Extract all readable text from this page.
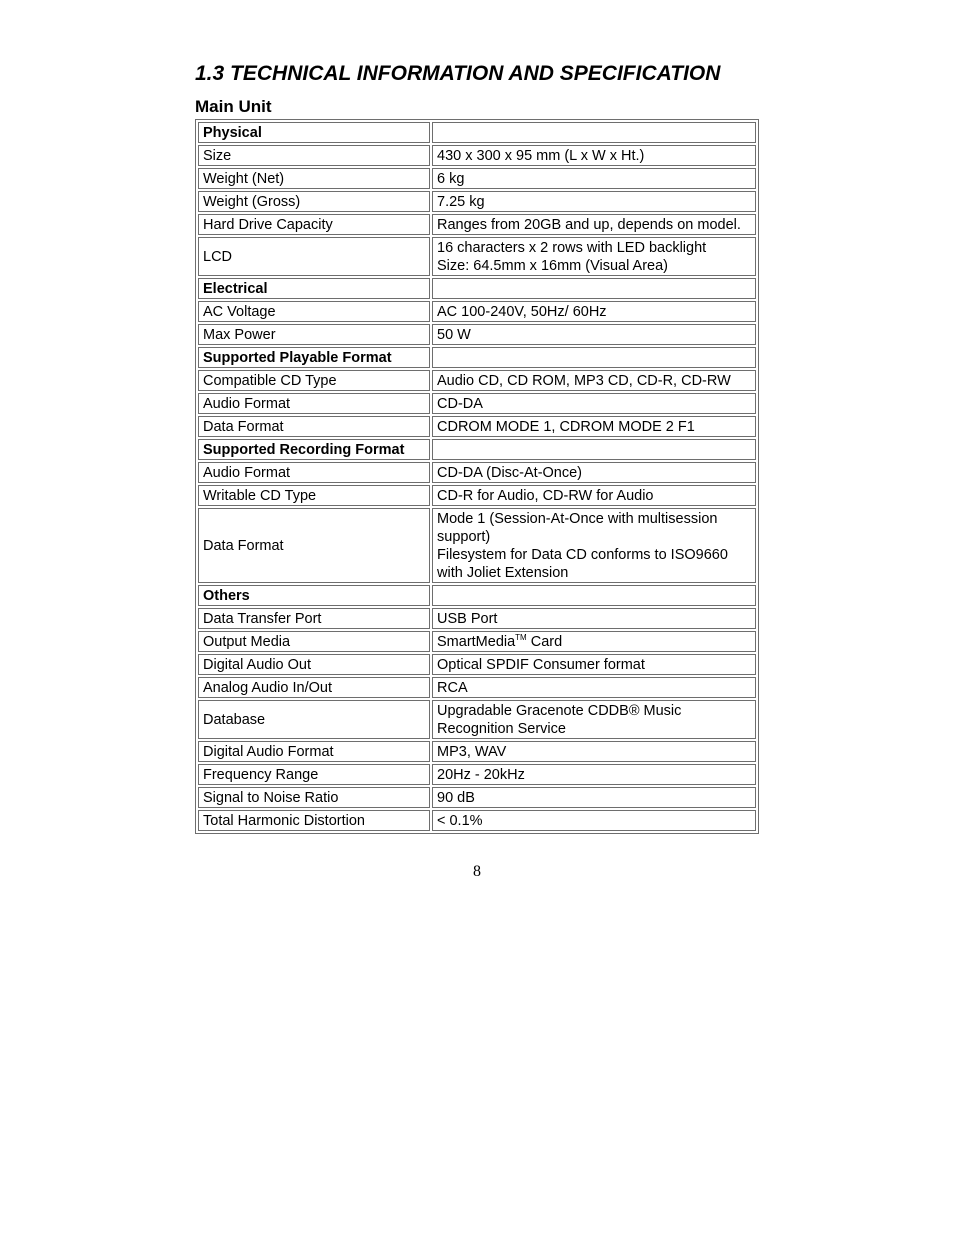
1.3 TECHNICAL INFORMATION AND SPECIFICATION
Main Unit
Physical	
Size	430 x 300 x 95 mm (L x W x Ht.)
Weight (Net)	6 kg
Weight (Gross)	7.25 kg
Hard Drive Capacity	Ranges from 20GB and up, depends on model.
LCD	16 characters x 2 rows with LED backlight
Size: 64.5mm x 16mm (Visual Area)
Electrical	
AC Voltage	AC 100-240V, 50Hz/ 60Hz
Max Power	50 W
Supported Playable Format	
Compatible CD Type	Audio CD, CD ROM, MP3 CD, CD-R, CD-RW
Audio Format	CD-DA
Data Format	CDROM MODE 1, CDROM MODE 2 F1
Supported Recording Format	
Audio Format	CD-DA (Disc-At-Once)
Writable CD Type	CD-R for Audio, CD-RW for Audio
Data Format	Mode 1 (Session-At-Once with multisession support)
Filesystem for Data CD conforms to ISO9660 with Joliet Extension
Others	
Data Transfer Port	USB Port
Output Media	SmartMedia™ Card
Digital Audio Out	Optical SPDIF Consumer format
Analog Audio In/Out	RCA
Database	Upgradable Gracenote CDDB® Music Recognition Service
Digital Audio Format	MP3, WAV
Frequency Range	20Hz - 20kHz
Signal to Noise Ratio	90 dB
Total Harmonic Distortion	< 0.1%
8
